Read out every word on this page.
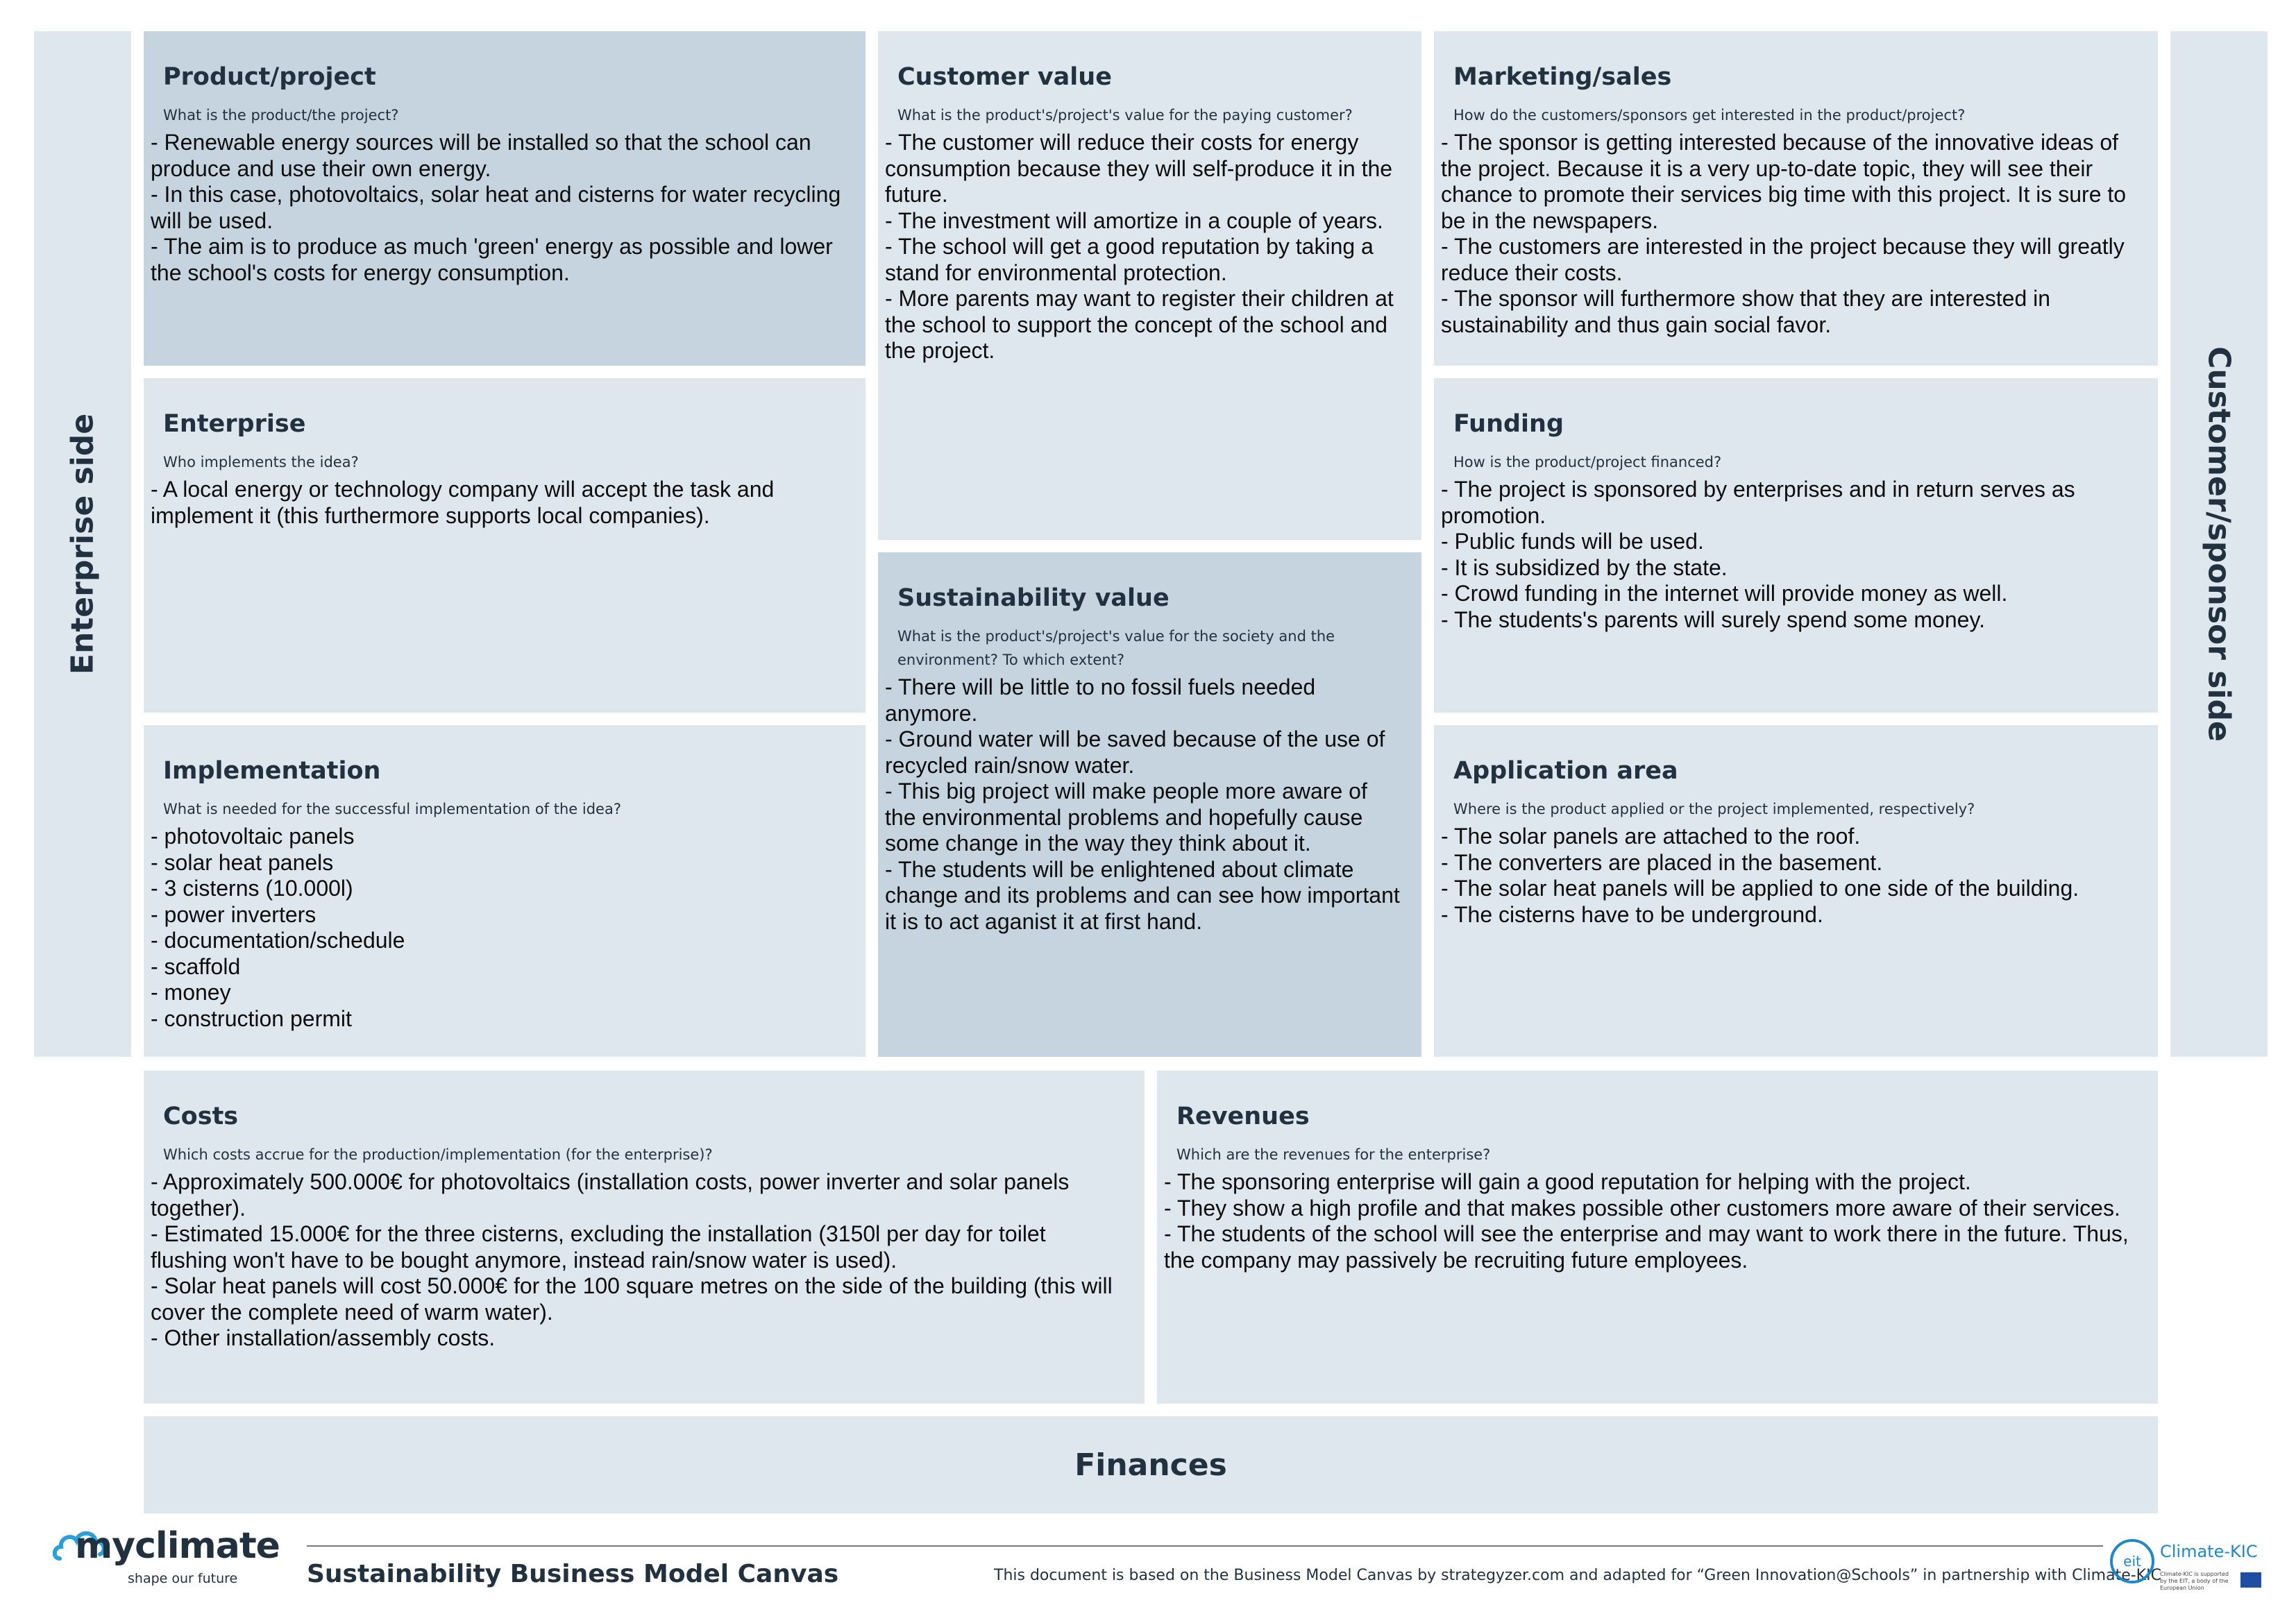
Enterprise side	Customer/sponsor side
Product/project
What is the product/the project?
- Renewable energy sources will be installed so that the school can produce and use their own energy.
- In this case, photovoltaics, solar heat and cisterns for water recycling will be used.
- The aim is to produce as much 'green' energy as possible and lower the school's costs for energy consumption.
Customer value
What is the product's/project's value for the paying customer?
- The customer will reduce their costs for energy consumption because they will self-produce it in the future.
- The investment will amortize in a couple of years.
- The school will get a good reputation by taking a stand for environmental protection.
- More parents may want to register their children at the school to support the concept of the school and the project.
Marketing/sales
How do the customers/sponsors get interested in the product/project?
- The sponsor is getting interested because of the innovative ideas of the project. Because it is a very up-to-date topic, they will see their chance to promote their services big time with this project. It is sure to be in the newspapers.
- The customers are interested in the project because they will greatly reduce their costs.
- The sponsor will furthermore show that they are interested in sustainability and thus gain social favor.
Enterprise
Who implements the idea?
- A local energy or technology company will accept the task and implement it (this furthermore supports local companies).
Funding
How is the product/project financed?
- The project is sponsored by enterprises and in return serves as promotion.
- Public funds will be used.
- It is subsidized by the state.
- Crowd funding in the internet will provide money as well.
- The students's parents will surely spend some money.
Sustainability value
What is the product's/project's value for the society and the environment? To which extent?
- There will be little to no fossil fuels needed anymore.
- Ground water will be saved because of the use of recycled rain/snow water.
- This big project will make people more aware of the environmental problems and hopefully cause some change in the way they think about it.
- The students will be enlightened about climate change and its problems and can see how important it is to act aganist it at first hand.
Implementation
What is needed for the successful implementation of the idea?
- photovoltaic panels
- solar heat panels
- 3 cisterns (10.000l)
- power inverters
- documentation/schedule
- scaffold
- money
- construction permit
Application area
Where is the product applied or the project implemented, respectively?
- The solar panels are attached to the roof.
- The converters are placed in the basement.
- The solar heat panels will be applied to one side of the building.
- The cisterns have to be underground.
Costs
Which costs accrue for the production/implementation (for the enterprise)?
- Approximately 500.000€ for photovoltaics (installation costs, power inverter and solar panels together).
- Estimated 15.000€ for the three cisterns, excluding the installation (3150l per day for toilet flushing won't have to be bought anymore, instead rain/snow water is used).
- Solar heat panels will cost 50.000€ for the 100 square metres on the side of the building (this will cover the complete need of warm water).
- Other installation/assembly costs.
Revenues
Which are the revenues for the enterprise?
- The sponsoring enterprise will gain a good reputation for helping with the project.
- They show a high profile and that makes possible other customers more aware of their services.
- The students of the school will see the enterprise and may want to work there in the future. Thus, the company may passively be recruiting future employees.
Finances
myclimate
shape our future	Sustainability Business Model Canvas	This document is based on the Business Model Canvas by strategyzer.com and adapted for “Green Innovation@Schools” in partnership with Climate-KIC
eit	Climate-KIC
Climate-KIC is supported by the EIT, a body of the European Union
